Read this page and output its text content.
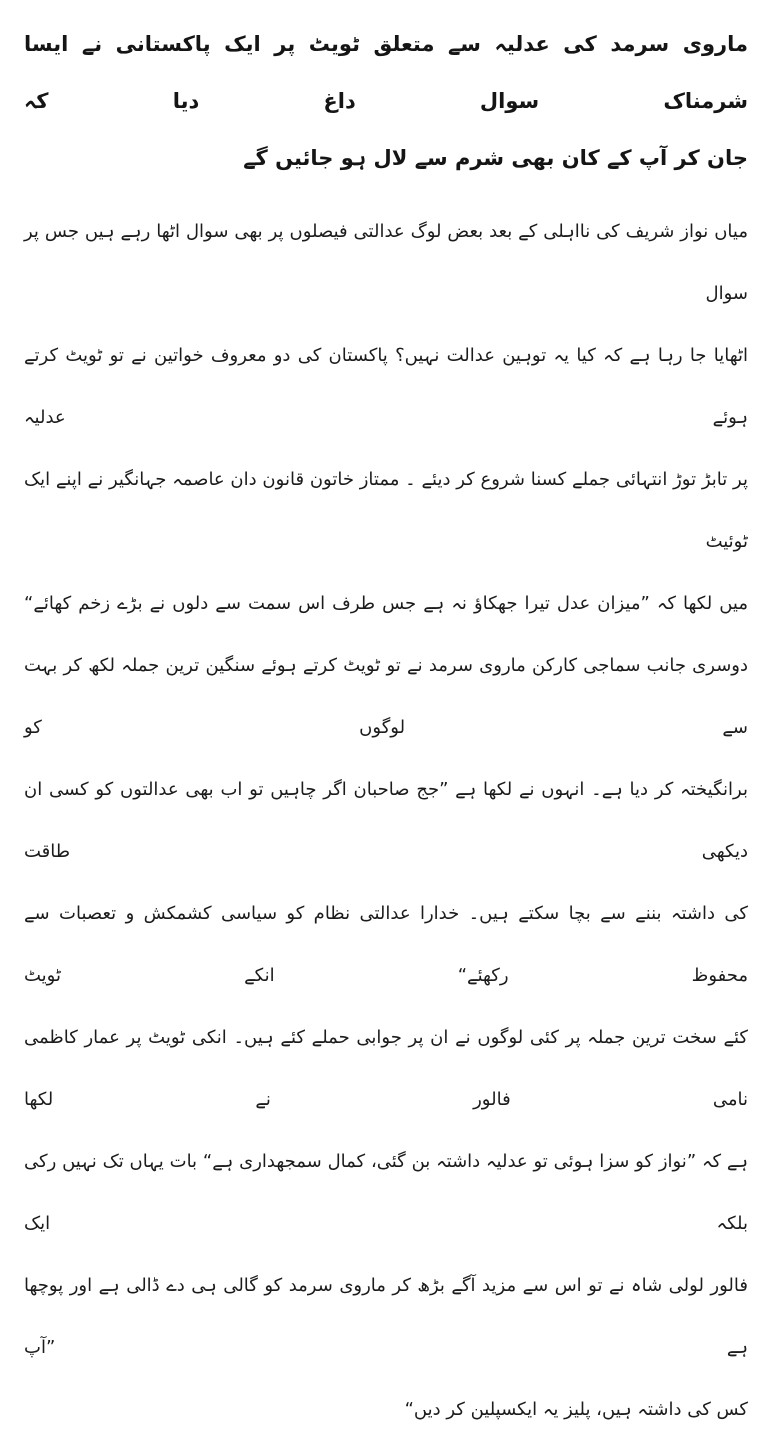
ماروی سرمد کی عدلیہ سے متعلق ٹویٹ پر ایک پاکستانی نے ایسا شرمناک سوال داغ دیا کہ
جان کر آپ کے کان بھی شرم سے لال ہو جائیں گے
میاں نواز شریف کی نااہلی کے بعد بعض لوگ عدالتی فیصلوں پر بھی سوال اٹھا رہے ہیں جس پر سوال
اٹھایا جا رہا ہے کہ کیا یہ توہین عدالت نہیں؟ پاکستان کی دو معروف خواتین نے تو ٹویٹ کرتے ہوئے عدلیہ
پر تابڑ توڑ انتہائی جملے کسنا شروع کر دیئے ۔ ممتاز خاتون قانون دان عاصمہ جہانگیر نے اپنے ایک ٹوئیٹ
میں لکھا کہ ”میزان عدل تیرا جھکاؤ نہ ہے جس طرف اس سمت سے دلوں نے بڑے زخم کھائے“
دوسری جانب سماجی کارکن ماروی سرمد نے تو ٹویٹ کرتے ہوئے سنگین ترین جملہ لکھ کر بہت سے لوگوں کو
برانگیختہ کر دیا ہے۔ انہوں نے لکھا ہے ”جج صاحبان اگر چاہیں تو اب بھی عدالتوں کو کسی ان دیکھی طاقت
کی داشتہ بننے سے بچا سکتے ہیں۔ خدارا عدالتی نظام کو سیاسی کشمکش و تعصبات سے محفوظ رکھئے“ انکے ٹویٹ
کئے سخت ترین جملہ پر کئی لوگوں نے ان پر جوابی حملے کئے ہیں۔ انکی ٹویٹ پر عمار کاظمی نامی فالور نے لکھا
ہے کہ ”نواز کو سزا ہوئی تو عدلیہ داشتہ بن گئی، کمال سمجھداری ہے“ بات یہاں تک نہیں رکی بلکہ ایک
فالور لولی شاہ نے تو اس سے مزید آگے بڑھ کر ماروی سرمد کو گالی ہی دے ڈالی ہے اور پوچھا ہے ”آپ
کس کی داشتہ ہیں، پلیز یہ ایکسپلین کر دیں“
